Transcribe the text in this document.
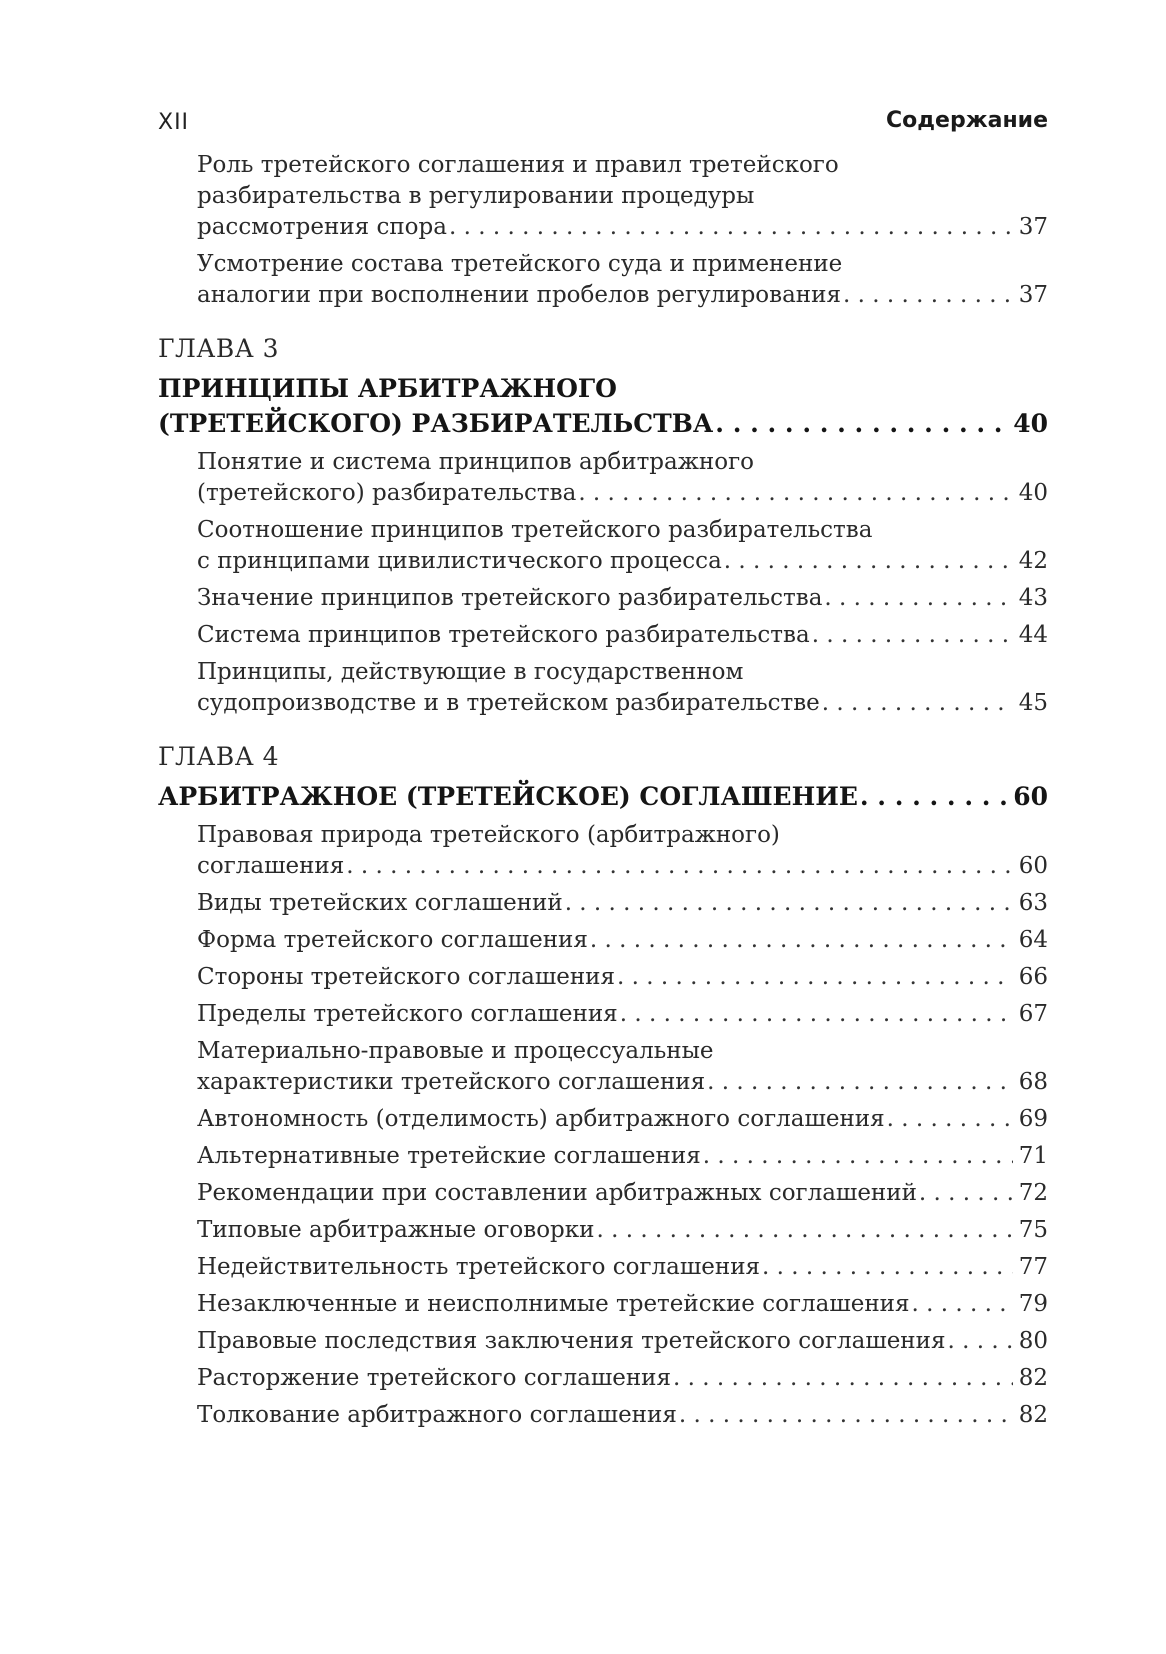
XII	Содержание
Роль третейского соглашения и правил третейского
разбирательства в регулировании процедуры
рассмотрения спора . . .	37
Усмотрение состава третейского суда и применение
аналогии при восполнении пробелов регулирования . . .	37
ГЛАВА 3
ПРИНЦИПЫ АРБИТРАЖНОГО
(ТРЕТЕЙСКОГО) РАЗБИРАТЕЛЬСТВА . . .	40
Понятие и система принципов арбитражного
(третейского) разбирательства . . .	40
Соотношение принципов третейского разбирательства
с принципами цивилистического процесса . . .	42
Значение принципов третейского разбирательства . . .	43
Система принципов третейского разбирательства . . .	44
Принципы, действующие в государственном
судопроизводстве и в третейском разбирательстве . . .	45
ГЛАВА 4
АРБИТРАЖНОЕ (ТРЕТЕЙСКОЕ) СОГЛАШЕНИЕ . . .	60
Правовая природа третейского (арбитражного)
соглашения . . .	60
Виды третейских соглашений . . .	63
Форма третейского соглашения . . .	64
Стороны третейского соглашения . . .	66
Пределы третейского соглашения . . .	67
Материально-правовые и процессуальные
характеристики третейского соглашения . . .	68
Автономность (отделимость) арбитражного соглашения . . .	69
Альтернативные третейские соглашения . . .	71
Рекомендации при составлении арбитражных соглашений . . .	72
Типовые арбитражные оговорки . . .	75
Недействительность третейского соглашения . . .	77
Незаключенные и неисполнимые третейские соглашения . . .	79
Правовые последствия заключения третейского соглашения . . .	80
Расторжение третейского соглашения . . .	82
Толкование арбитражного соглашения . . .	82
